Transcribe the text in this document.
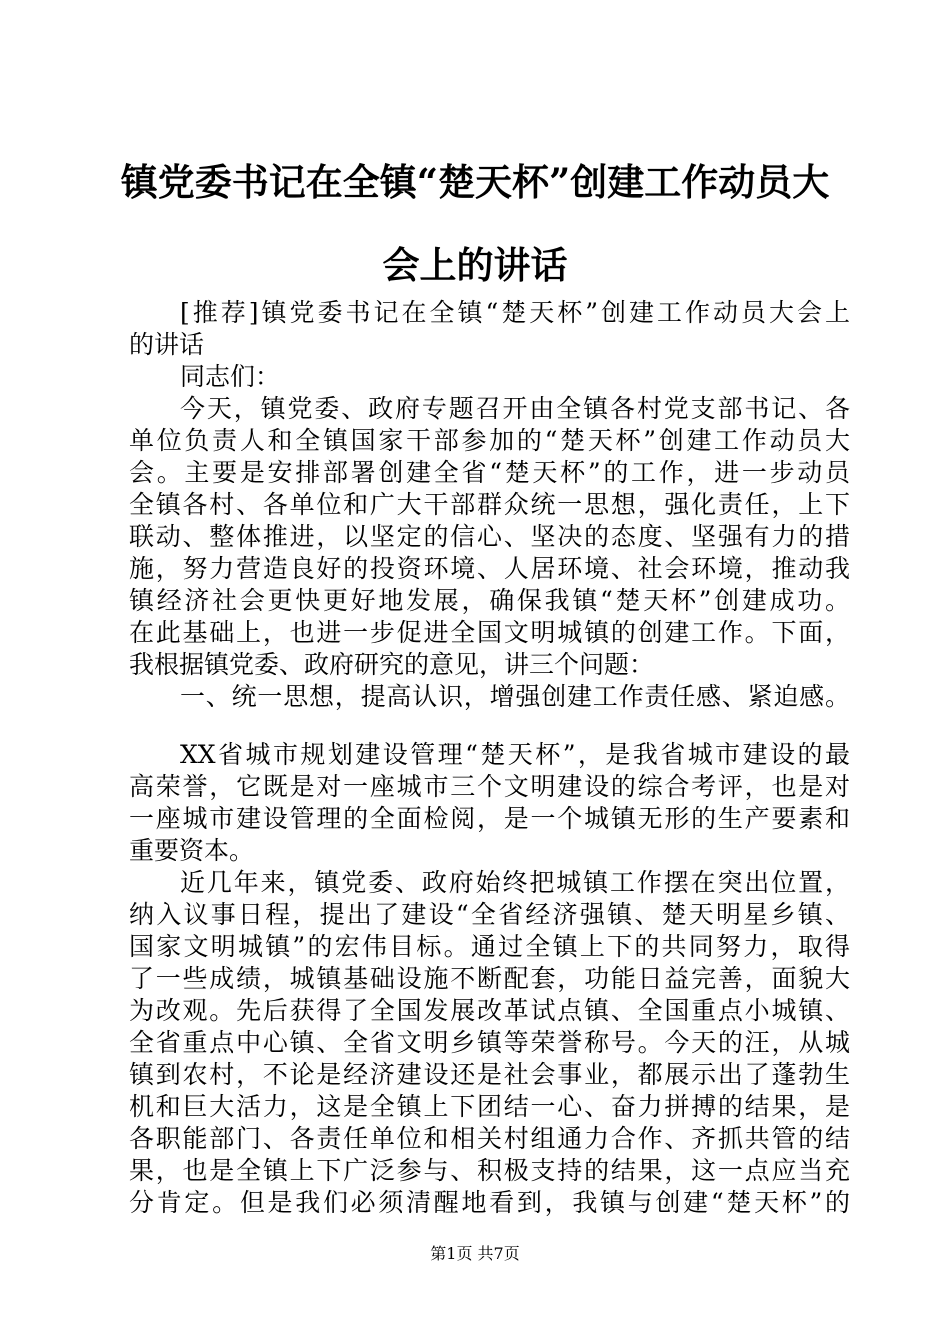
镇党委书记在全镇“楚天杯”创建工作动员大
会上的讲话
[推荐]镇党委书记在全镇“楚天杯”创建工作动员大会上
的讲话
同志们：
今天，镇党委、政府专题召开由全镇各村党支部书记、各
单位负责人和全镇国家干部参加的“楚天杯”创建工作动员大
会。主要是安排部署创建全省“楚天杯”的工作，进一步动员
全镇各村、各单位和广大干部群众统一思想，强化责任，上下
联动、整体推进，以坚定的信心、坚决的态度、坚强有力的措
施，努力营造良好的投资环境、人居环境、社会环境，推动我
镇经济社会更快更好地发展，确保我镇“楚天杯”创建成功。
在此基础上，也进一步促进全国文明城镇的创建工作。下面，
我根据镇党委、政府研究的意见，讲三个问题：
一、统一思想，提高认识，增强创建工作责任感、紧迫感。
XX省城市规划建设管理“楚天杯”，是我省城市建设的最
高荣誉，它既是对一座城市三个文明建设的综合考评，也是对
一座城市建设管理的全面检阅，是一个城镇无形的生产要素和
重要资本。
近几年来，镇党委、政府始终把城镇工作摆在突出位置，
纳入议事日程，提出了建设“全省经济强镇、楚天明星乡镇、
国家文明城镇”的宏伟目标。通过全镇上下的共同努力，取得
了一些成绩，城镇基础设施不断配套，功能日益完善，面貌大
为改观。先后获得了全国发展改革试点镇、全国重点小城镇、
全省重点中心镇、全省文明乡镇等荣誉称号。今天的汪，从城
镇到农村，不论是经济建设还是社会事业，都展示出了蓬勃生
机和巨大活力，这是全镇上下团结一心、奋力拼搏的结果，是
各职能部门、各责任单位和相关村组通力合作、齐抓共管的结
果，也是全镇上下广泛参与、积极支持的结果，这一点应当充
分肯定。但是我们必须清醒地看到，我镇与创建“楚天杯”的
第1页 共7页
